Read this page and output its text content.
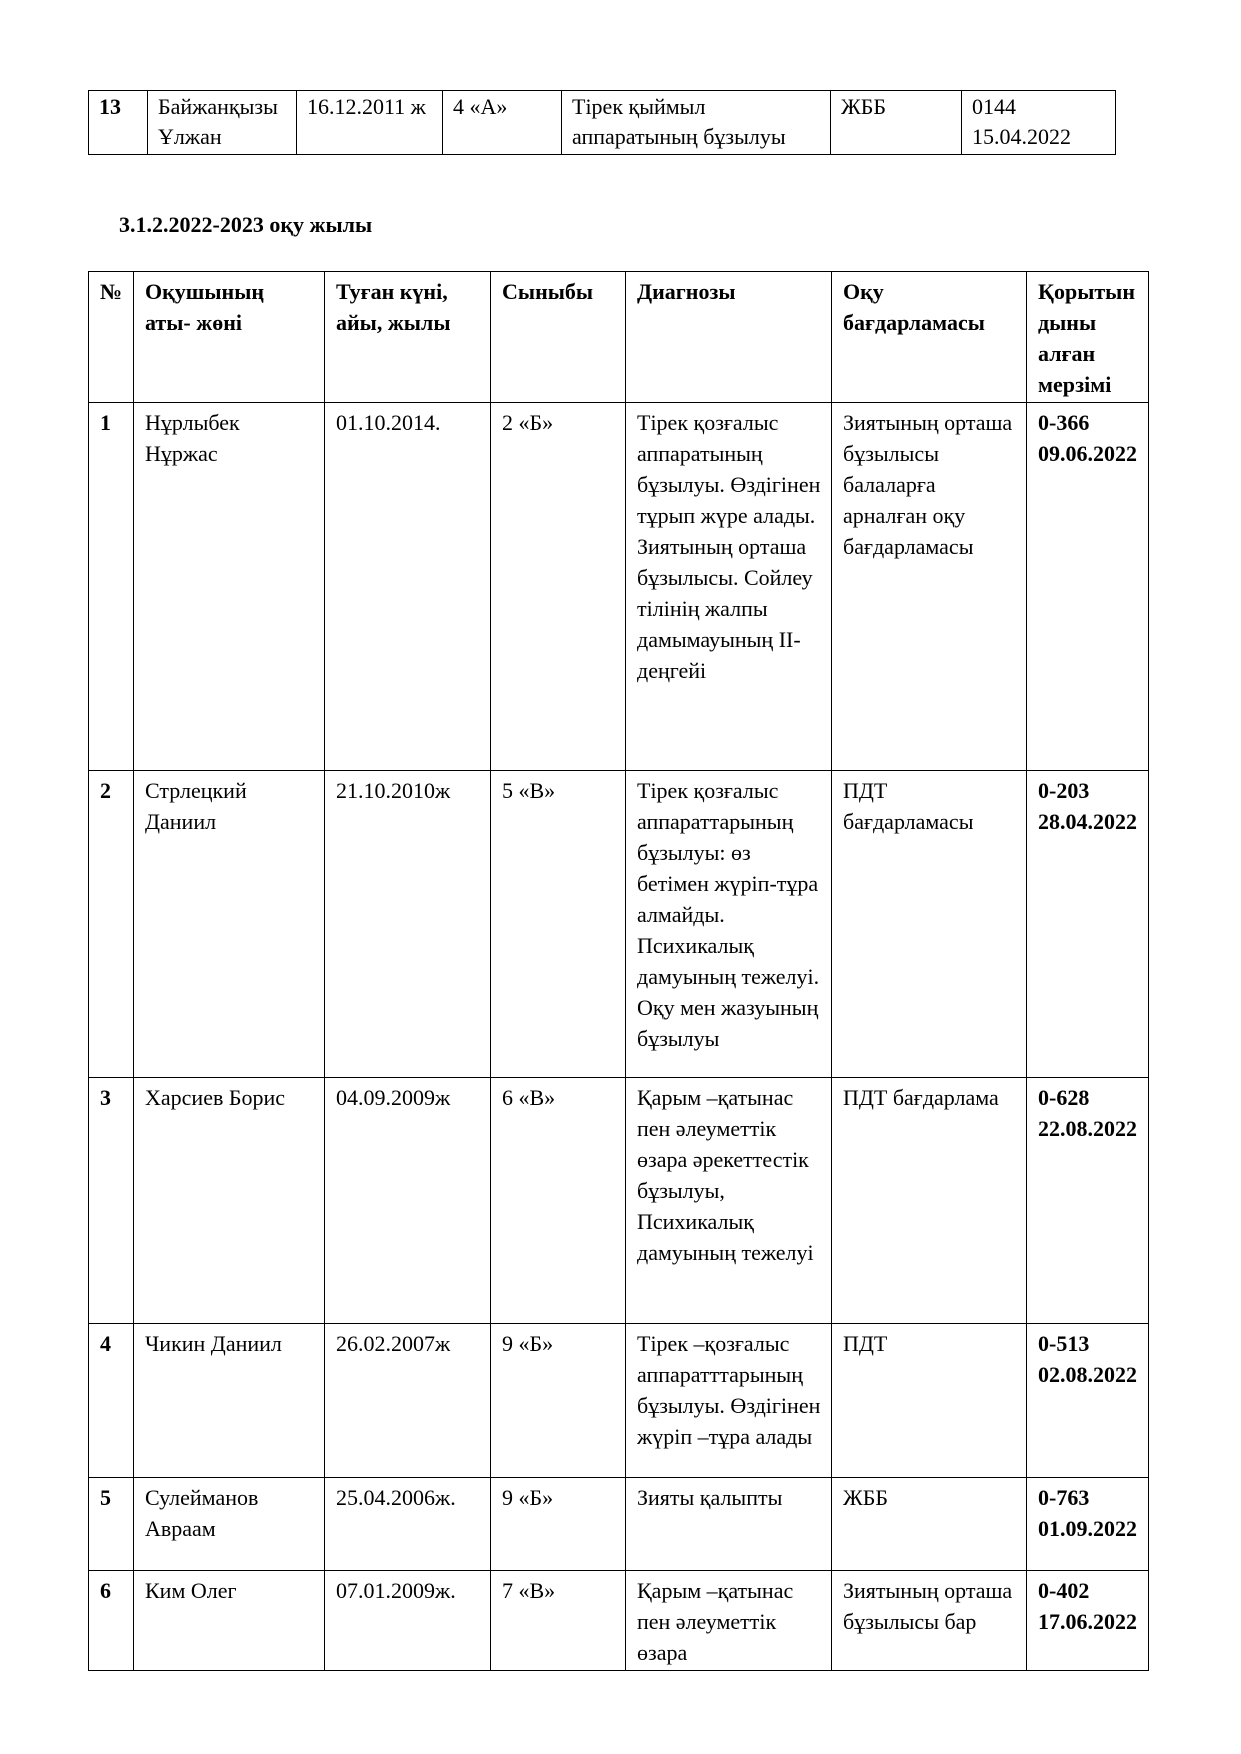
13	Байжанқызы Ұлжан	16.12.2011 ж	4 «А»	Тірек қыймыл аппаратының бұзылуы	ЖББ	0144 15.04.2022
3.1.2.2022-2023 оқу жылы
№	Оқушының аты- жөні	Туған күні, айы, жылы	Сыныбы	Диагнозы	Оқу бағдарламасы	Қорытындыны алған мерзімі
1	Нұрлыбек Нұржас	01.10.2014.	2 «Б»	Тірек қозғалыс аппаратының бұзылуы. Өздігінен тұрып жүре алады. Зиятының орташа бұзылысы. Сойлеу тілінің жалпы дамымауының ІІ-деңгейі	Зиятының орташа бұзылысы балаларға арналған оқу бағдарламасы	0-366 09.06.2022
2	Стрлецкий Даниил	21.10.2010ж	5 «В»	Тірек қозғалыс аппараттарының бұзылуы: өз бетімен жүріп-тұра алмайды. Психикалық дамуының тежелуі. Оқу мен жазуының бұзылуы	ПДТ бағдарламасы	0-203 28.04.2022
3	Харсиев Борис	04.09.2009ж	6 «В»	Қарым –қатынас пен әлеуметтік өзара әрекеттестік бұзылуы, Психикалық дамуының тежелуі	ПДТ бағдарлама	0-628 22.08.2022
4	Чикин Даниил	26.02.2007ж	9 «Б»	Тірек –қозғалыс аппаратттарының бұзылуы. Өздігінен жүріп –тұра алады	ПДТ	0-513 02.08.2022
5	Сулейманов Авраам	25.04.2006ж.	9 «Б»	Зияты қалыпты	ЖББ	0-763 01.09.2022
6	Ким Олег	07.01.2009ж.	7 «В»	Қарым –қатынас пен әлеуметтік өзара	Зиятының орташа бұзылысы бар	0-402 17.06.2022
